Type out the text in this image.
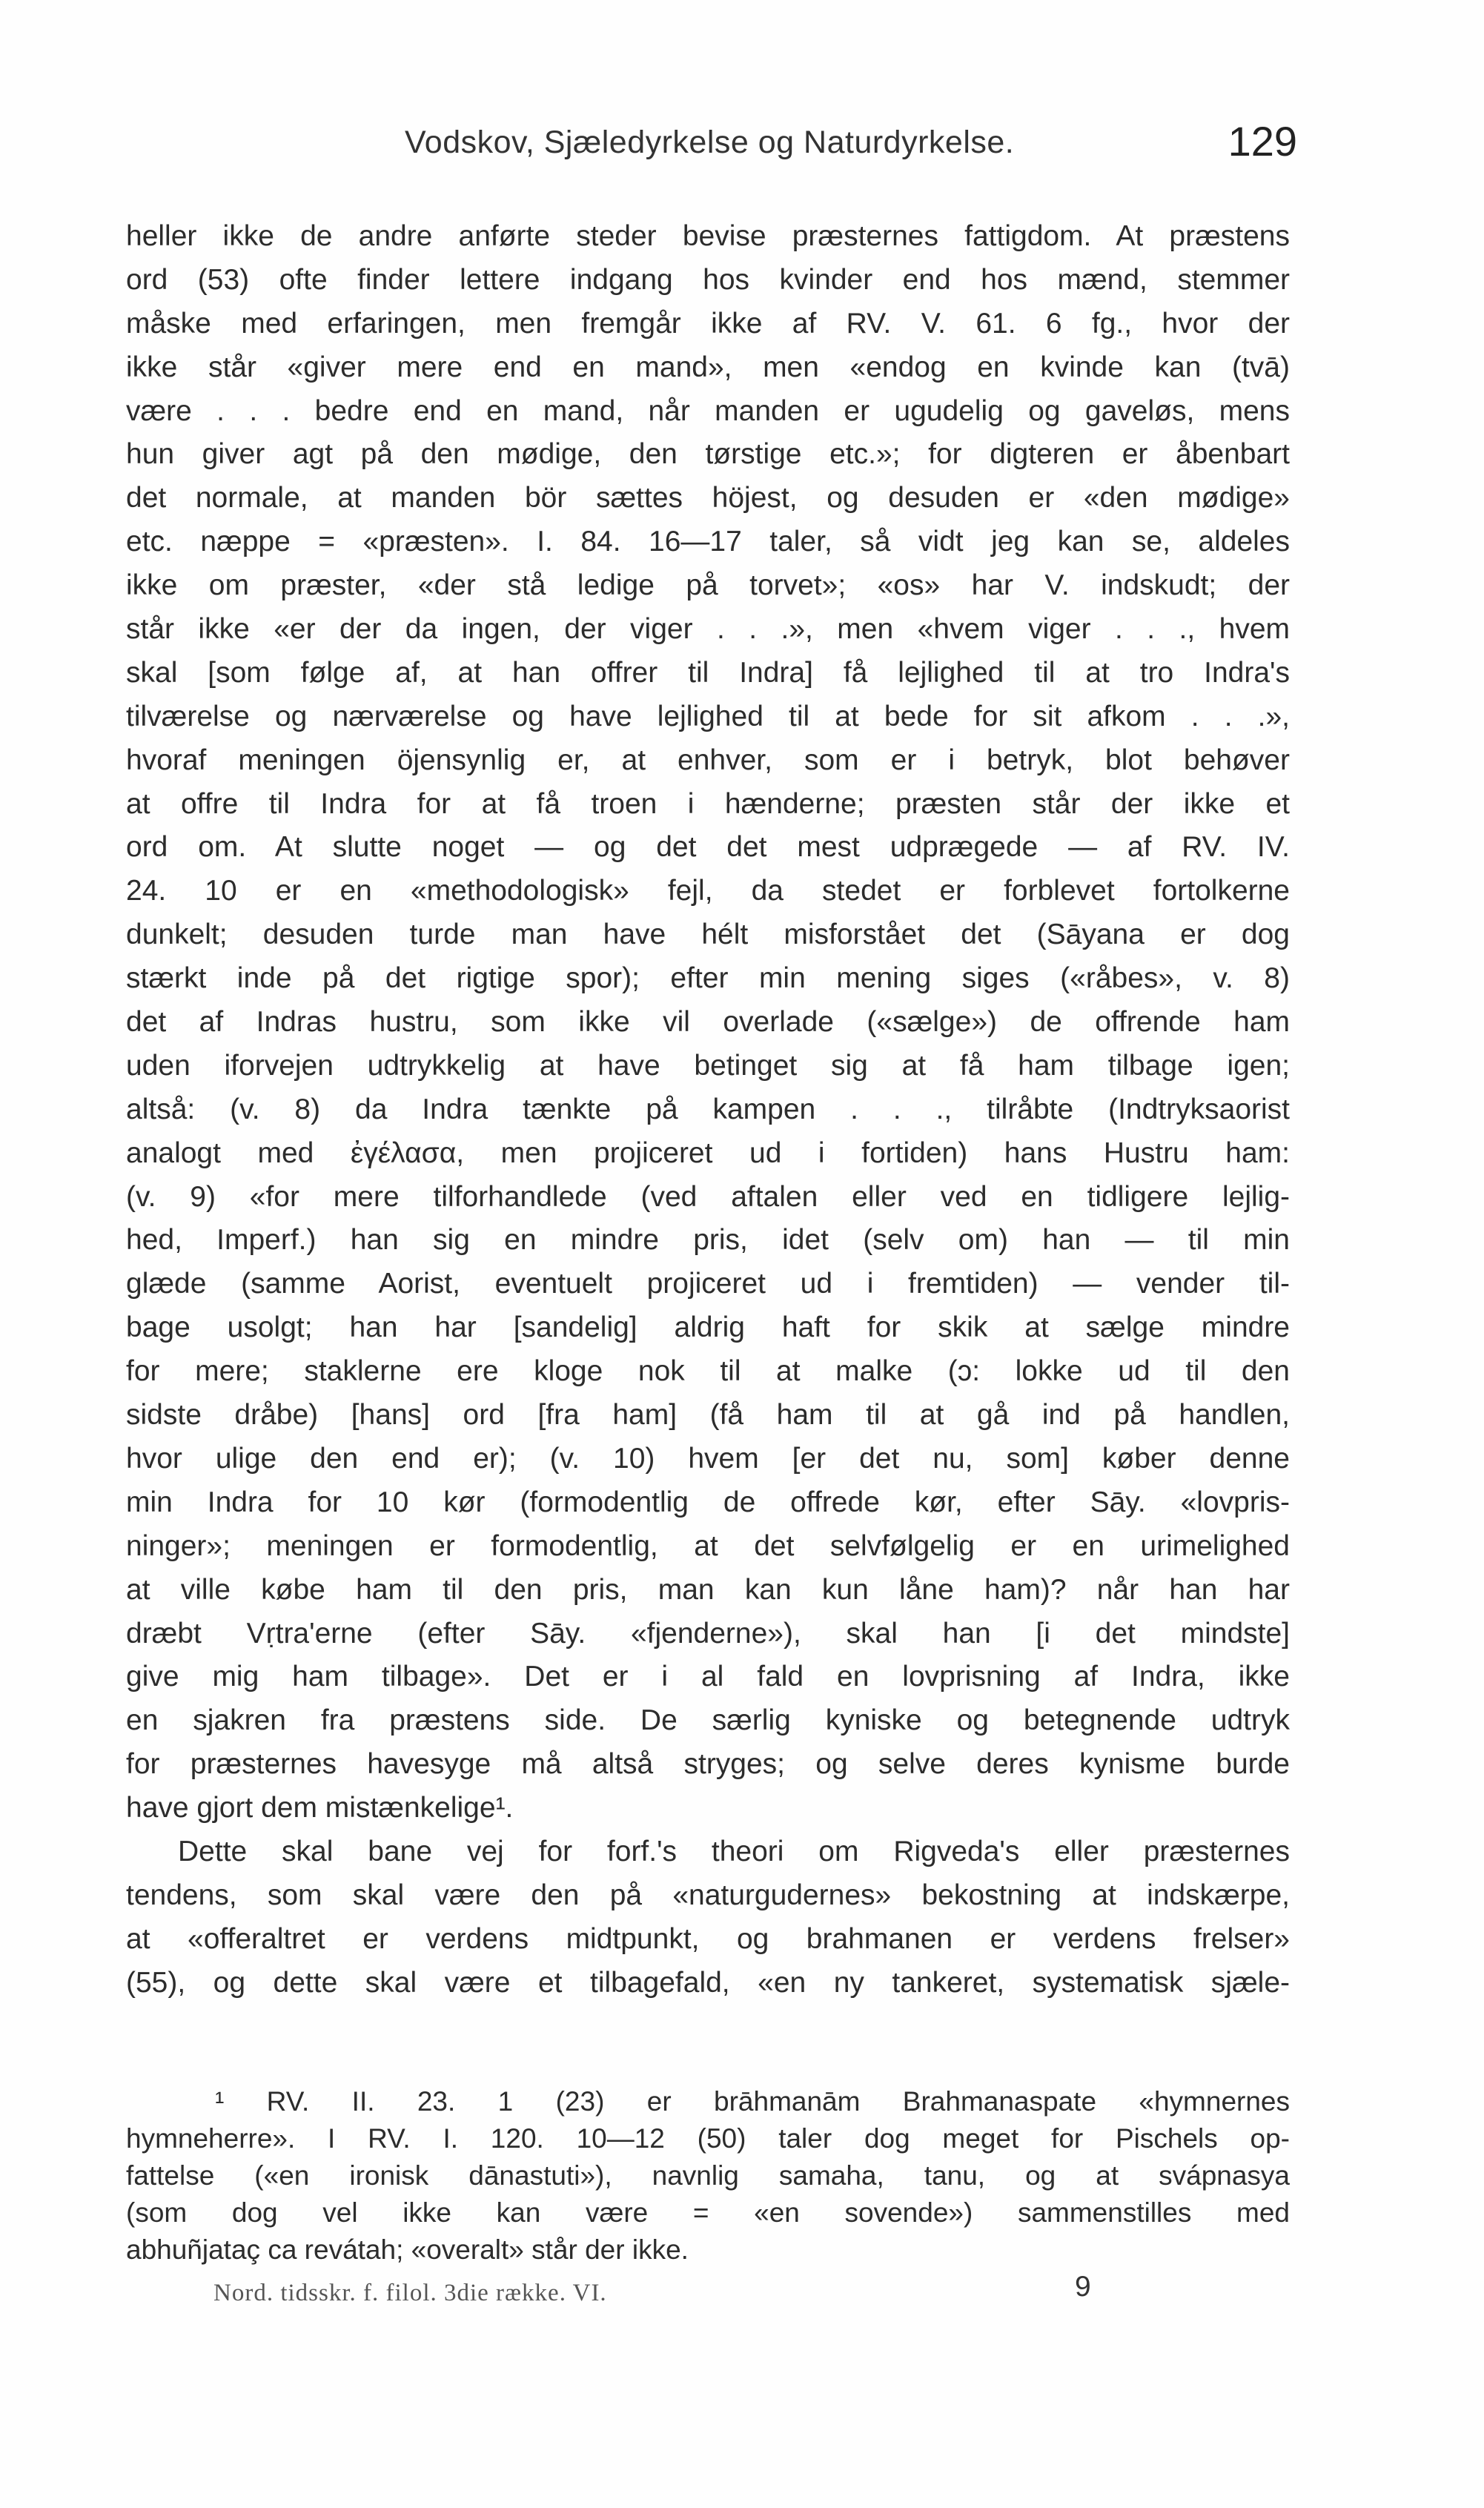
Vodskov, Sjæledyrkelse og Naturdyrkelse.	129
heller ikke de andre anførte steder bevise præsternes fattigdom. At præstens
ord (53) ofte finder lettere indgang hos kvinder end hos mænd, stemmer
måske med erfaringen, men fremgår ikke af RV. V. 61. 6 fg., hvor der
ikke står «giver mere end en mand», men «endog en kvinde kan (tvā)
være . . . bedre end en mand, når manden er ugudelig og gaveløs, mens
hun giver agt på den mødige, den tørstige etc.»; for digteren er åbenbart
det normale, at manden bör sættes höjest, og desuden er «den mødige»
etc. næppe = «præsten». I. 84. 16—17 taler, så vidt jeg kan se, aldeles
ikke om præster, «der stå ledige på torvet»; «os» har V. indskudt; der
står ikke «er der da ingen, der viger . . .», men «hvem viger . . ., hvem
skal [som følge af, at han offrer til Indra] få lejlighed til at tro Indra's
tilværelse og nærværelse og have lejlighed til at bede for sit afkom . . .»,
hvoraf meningen öjensynlig er, at enhver, som er i betryk, blot behøver
at offre til Indra for at få troen i hænderne; præsten står der ikke et
ord om. At slutte noget — og det det mest udprægede — af RV. IV.
24. 10 er en «methodologisk» fejl, da stedet er forblevet fortolkerne
dunkelt; desuden turde man have hélt misforstået det (Sāyana er dog
stærkt inde på det rigtige spor); efter min mening siges («råbes», v. 8)
det af Indras hustru, som ikke vil overlade («sælge») de offrende ham
uden iforvejen udtrykkelig at have betinget sig at få ham tilbage igen;
altså: (v. 8) da Indra tænkte på kampen . . ., tilråbte (Indtryksaorist
analogt med ἐγέλασα, men projiceret ud i fortiden) hans Hustru ham:
(v. 9) «for mere tilforhandlede (ved aftalen eller ved en tidligere lejlig-
hed, Imperf.) han sig en mindre pris, idet (selv om) han — til min
glæde (samme Aorist, eventuelt projiceret ud i fremtiden) — vender til-
bage usolgt; han har [sandelig] aldrig haft for skik at sælge mindre
for mere; staklerne ere kloge nok til at malke (ɔ: lokke ud til den
sidste dråbe) [hans] ord [fra ham] (få ham til at gå ind på handlen,
hvor ulige den end er); (v. 10) hvem [er det nu, som] køber denne
min Indra for 10 kør (formodentlig de offrede kør, efter Sāy. «lovpris-
ninger»; meningen er formodentlig, at det selvfølgelig er en urimelighed
at ville købe ham til den pris, man kan kun låne ham)? når han har
dræbt Vṛtra'erne (efter Sāy. «fjenderne»), skal han [i det mindste]
give mig ham tilbage». Det er i al fald en lovprisning af Indra, ikke
en sjakren fra præstens side. De særlig kyniske og betegnende udtryk
for præsternes havesyge må altså stryges; og selve deres kynisme burde
have gjort dem mistænkelige¹.
Dette skal bane vej for forf.'s theori om Rigveda's eller præsternes
tendens, som skal være den på «naturgudernes» bekostning at indskærpe,
at «offeraltret er verdens midtpunkt, og brahmanen er verdens frelser»
(55), og dette skal være et tilbagefald, «en ny tankeret, systematisk sjæle-
¹ RV. II. 23. 1 (23) er brāhmanām Brahmanaspate «hymnernes
hymneherre». I RV. I. 120. 10—12 (50) taler dog meget for Pischels op-
fattelse («en ironisk dānastuti»), navnlig samaha, tanu, og at svápnasya
(som dog vel ikke kan være = «en sovende») sammenstilles med
abhuñjataç ca revátah; «overalt» står der ikke.
Nord. tidsskr. f. filol. 3die række. VI.	9
